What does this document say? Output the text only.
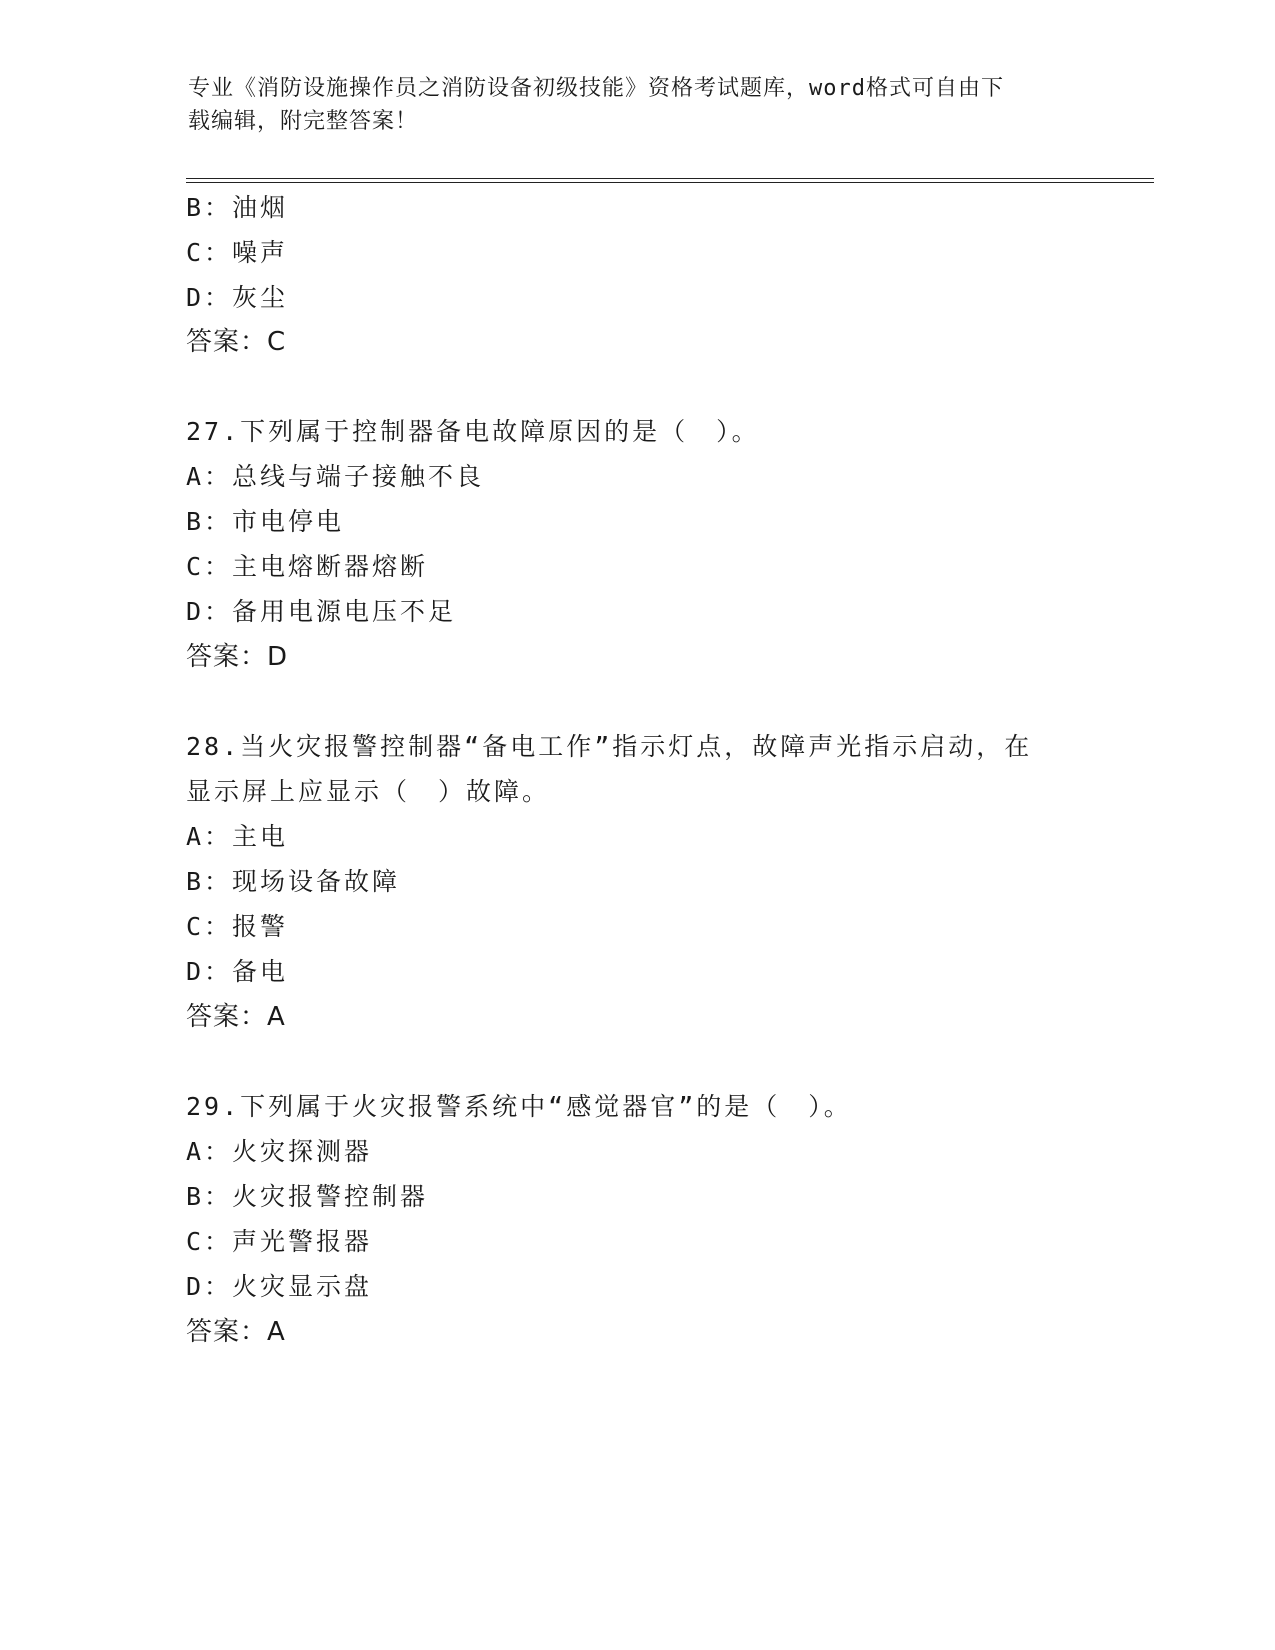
专业《消防设施操作员之消防设备初级技能》资格考试题库，word格式可自由下
载编辑，附完整答案！
B：油烟
C：噪声
D：灰尘
答案：C
27.下列属于控制器备电故障原因的是（　）。
A：总线与端子接触不良
B：市电停电
C：主电熔断器熔断
D：备用电源电压不足
答案：D
28.当火灾报警控制器“备电工作”指示灯点，故障声光指示启动，在
显示屏上应显示（　）故障。
A：主电
B：现场设备故障
C：报警
D：备电
答案：A
29.下列属于火灾报警系统中“感觉器官”的是（　）。
A：火灾探测器
B：火灾报警控制器
C：声光警报器
D：火灾显示盘
答案：A
